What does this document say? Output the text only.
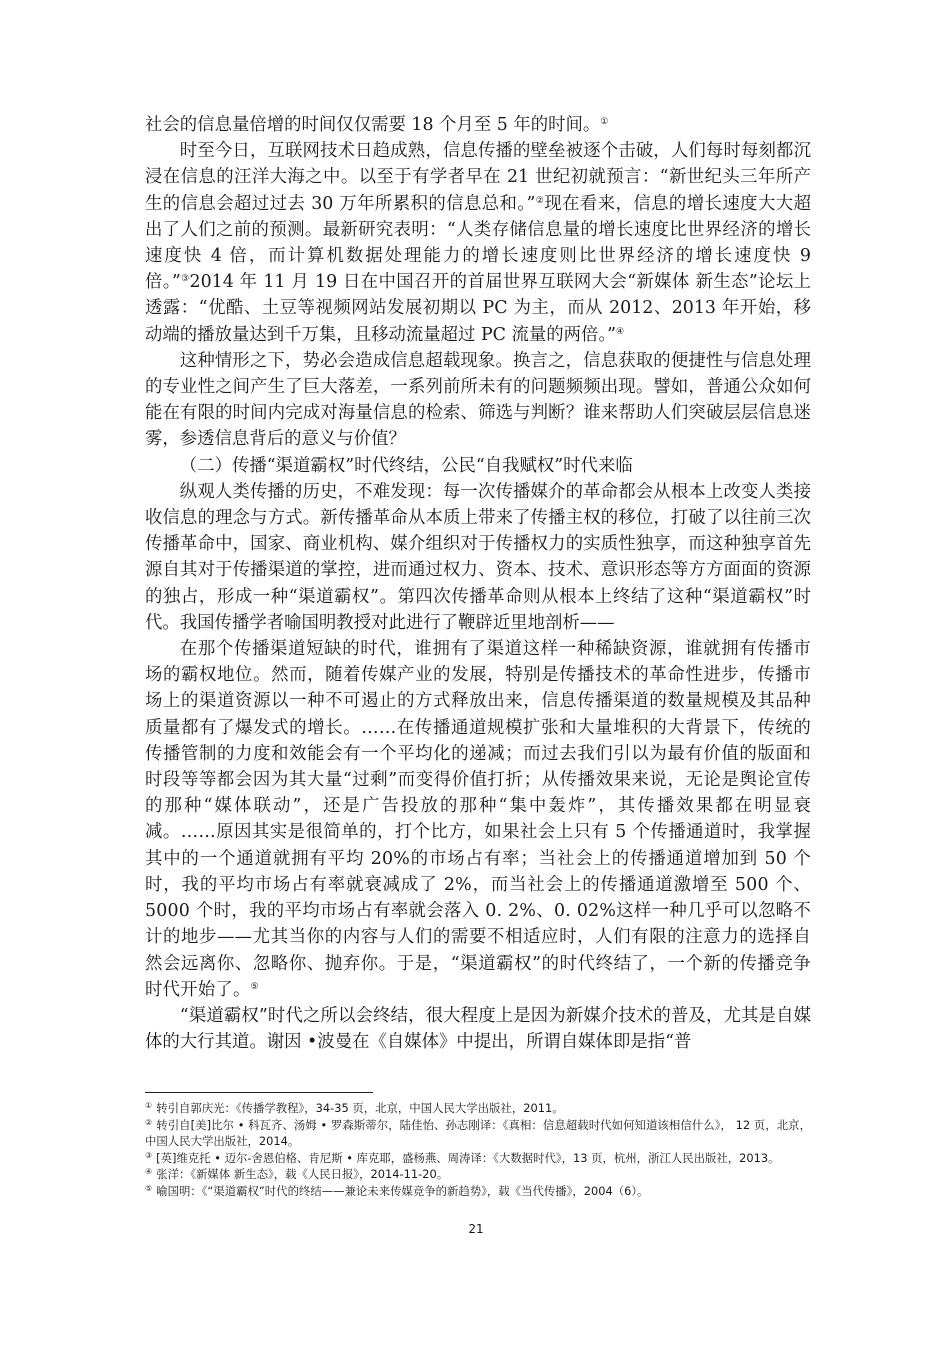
社会的信息量倍增的时间仅仅需要 18 个月至 5 年的时间。①

时至今日，互联网技术日趋成熟，信息传播的壁垒被逐个击破，人们每时每刻都沉浸在信息的汪洋大海之中。以至于有学者早在 21 世纪初就预言：“新世纪头三年所产生的信息会超过过去 30 万年所累积的信息总和。”②现在看来，信息的增长速度大大超出了人们之前的预测。最新研究表明：“人类存储信息量的增长速度比世界经济的增长速度快 4 倍，而计算机数据处理能力的增长速度则比世界经济的增长速度快 9 倍。”③2014 年 11 月 19 日在中国召开的首届世界互联网大会“新媒体 新生态”论坛上透露：“优酷、土豆等视频网站发展初期以 PC 为主，而从 2012、2013 年开始，移动端的播放量达到千万集，且移动流量超过 PC 流量的两倍。”④

这种情形之下，势必会造成信息超载现象。换言之，信息获取的便捷性与信息处理的专业性之间产生了巨大落差，一系列前所未有的问题频频出现。譬如，普通公众如何能在有限的时间内完成对海量信息的检索、筛选与判断？谁来帮助人们突破层层信息迷雾，参透信息背后的意义与价值？

（二）传播“渠道霸权”时代终结，公民“自我赋权”时代来临

纵观人类传播的历史，不难发现：每一次传播媒介的革命都会从根本上改变人类接收信息的理念与方式。新传播革命从本质上带来了传播主权的移位，打破了以往前三次传播革命中，国家、商业机构、媒介组织对于传播权力的实质性独享，而这种独享首先源自其对于传播渠道的掌控，进而通过权力、资本、技术、意识形态等方方面面的资源的独占，形成一种“渠道霸权”。第四次传播革命则从根本上终结了这种“渠道霸权”时代。我国传播学者喻国明教授对此进行了鞭辟近里地剖析——

在那个传播渠道短缺的时代，谁拥有了渠道这样一种稀缺资源，谁就拥有传播市场的霸权地位。然而，随着传媒产业的发展，特别是传播技术的革命性进步，传播市场上的渠道资源以一种不可遏止的方式释放出来，信息传播渠道的数量规模及其品种质量都有了爆发式的增长。……在传播通道规模扩张和大量堆积的大背景下，传统的传播管制的力度和效能会有一个平均化的递减；而过去我们引以为最有价值的版面和时段等等都会因为其大量“过剩”而变得价值打折；从传播效果来说，无论是舆论宣传的那种“媒体联动”，还是广告投放的那种“集中轰炸”，其传播效果都在明显衰减。……原因其实是很简单的，打个比方，如果社会上只有 5 个传播通道时，我掌握其中的一个通道就拥有平均 20%的市场占有率；当社会上的传播通道增加到 50 个时，我的平均市场占有率就衰减成了 2%，而当社会上的传播通道激增至 500 个、5000 个时，我的平均市场占有率就会落入 0. 2%、0. 02%这样一种几乎可以忽略不计的地步——尤其当你的内容与人们的需要不相适应时，人们有限的注意力的选择自然会远离你、忽略你、抛弃你。于是，“渠道霸权”的时代终结了，一个新的传播竞争时代开始了。⑤

“渠道霸权”时代之所以会终结，很大程度上是因为新媒介技术的普及，尤其是自媒体的大行其道。谢因 •波曼在《自媒体》中提出，所谓自媒体即是指“普

① 转引自郭庆光：《传播学教程》，34-35 页，北京，中国人民大学出版社，2011。

② 转引自[美]比尔 • 科瓦齐、汤姆 • 罗森斯蒂尔，陆佳怡、孙志刚译：《真相：信息超载时代如何知道该相信什么》， 12 页，北京，中国人民大学出版社，2014。

③ [英]维克托 • 迈尔-舍恩伯格、肯尼斯 • 库克耶，盛杨燕、周涛译：《大数据时代》，13 页，杭州，浙江人民出版社，2013。

④ 张洋：《新媒体 新生态》，载《人民日报》，2014-11-20。

⑤ 喻国明：《“渠道霸权”时代的终结——兼论未来传媒竞争的新趋势》，载《当代传播》，2004（6）。

21
